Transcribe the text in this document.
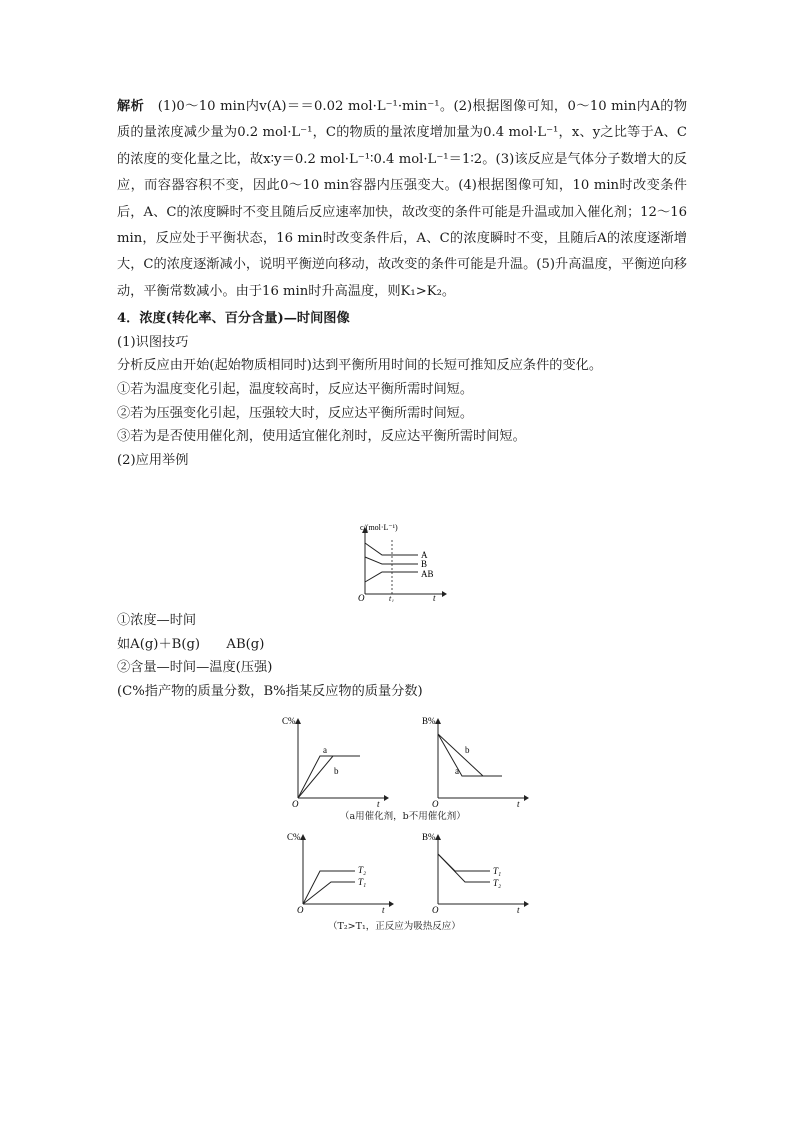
解析　 (1)0～10 min内v(A)＝＝0.02 mol·L⁻¹·min⁻¹。(2)根据图像可知，0～10 min内A的物质的量浓度减少量为0.2 mol·L⁻¹，C的物质的量浓度增加量为0.4 mol·L⁻¹，x、y之比等于A、C的浓度的变化量之比，故x∶y＝0.2 mol·L⁻¹∶0.4 mol·L⁻¹＝1∶2。(3)该反应是气体分子数增大的反应，而容器容积不变，因此0～10 min容器内压强变大。(4)根据图像可知，10 min时改变条件后，A、C的浓度瞬时不变且随后反应速率加快，故改变的条件可能是升温或加入催化剂；12～16 min，反应处于平衡状态，16 min时改变条件后，A、C的浓度瞬时不变，且随后A的浓度逐渐增大，C的浓度逐渐减小，说明平衡逆向移动，故改变的条件可能是升温。(5)升高温度，平衡逆向移动，平衡常数减小。由于16 min时升高温度，则K₁>K₂。

4．浓度(转化率、百分含量)—时间图像

(1)识图技巧

分析反应由开始(起始物质相同时)达到平衡所用时间的长短可推知反应条件的变化。

①若为温度变化引起，温度较高时，反应达平衡所需时间短。

②若为压强变化引起，压强较大时，反应达平衡所需时间短。

③若为是否使用催化剂，使用适宜催化剂时，反应达平衡所需时间短。

(2)应用举例

c/(mol·L⁻¹)
O	t
t₁
A
B
AB

①浓度—时间

如A(g)＋B(g)　　AB(g)

②含量—时间—温度(压强)

(C%指产物的质量分数，B%指某反应物的质量分数)

C%
O	t
a
b
B%
O	t
a
b
（a用催化剂，b不用催化剂）
C%
O	t
T₂
T₁
B%
O	t
T₁
T₂
（T₂>T₁，正反应为吸热反应）
